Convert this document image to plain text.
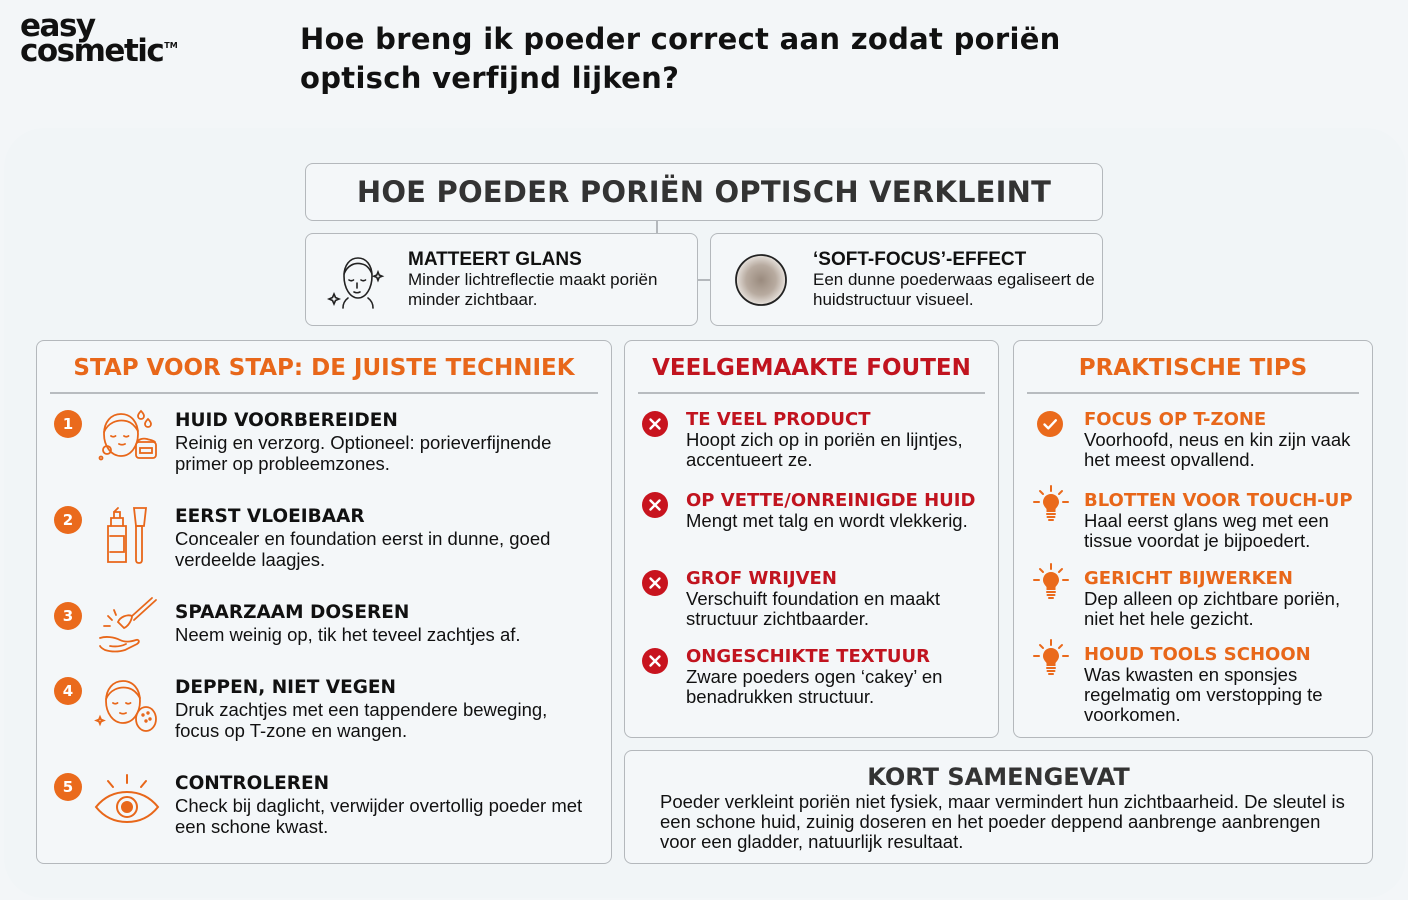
easy
cosmetic™	Hoe breng ik poeder correct aan zodat poriën optisch verfijnd lijken?
HOE POEDER PORIËN OPTISCH VERKLEINT
MATTEERT GLANS
Minder lichtreflectie maakt poriën minder zichtbaar.
‘SOFT-FOCUS’-EFFECT
Een dunne poederwaas egaliseert de huidstructuur visueel.
STAP VOOR STAP: DE JUISTE TECHNIEK
1	HUID VOORBEREIDEN
Reinig en verzorg. Optioneel: porieverfijnende primer op probleemzones.
2	EERST VLOEIBAAR
Concealer en foundation eerst in dunne, goed verdeelde laagjes.
3	SPAARZAAM DOSEREN
Neem weinig op, tik het teveel zachtjes af.
4	DEPPEN, NIET VEGEN
Druk zachtjes met een tappendere beweging, focus op T-zone en wangen.
5	CONTROLEREN
Check bij daglicht, verwijder overtollig poeder met een schone kwast.
VEELGEMAAKTE FOUTEN
TE VEEL PRODUCT
Hoopt zich op in poriën en lijntjes, accentueert ze.
OP VETTE/ONREINIGDE HUID
Mengt met talg en wordt vlekkerig.
GROF WRIJVEN
Verschuift foundation en maakt structuur zichtbaarder.
ONGESCHIKTE TEXTUUR
Zware poeders ogen ‘cakey’ en benadrukken structuur.
PRAKTISCHE TIPS
FOCUS OP T-ZONE
Voorhoofd, neus en kin zijn vaak het meest opvallend.
BLOTTEN VOOR TOUCH-UP
Haal eerst glans weg met een tissue voordat je bijpoedert.
GERICHT BIJWERKEN
Dep alleen op zichtbare poriën, niet het hele gezicht.
HOUD TOOLS SCHOON
Was kwasten en sponsjes regelmatig om verstopping te voorkomen.
KORT SAMENGEVAT
Poeder verkleint poriën niet fysiek, maar vermindert hun zichtbaarheid. De sleutel is een schone huid, zuinig doseren en het poeder deppend aanbrenge aanbrengen voor een gladder, natuurlijk resultaat.
